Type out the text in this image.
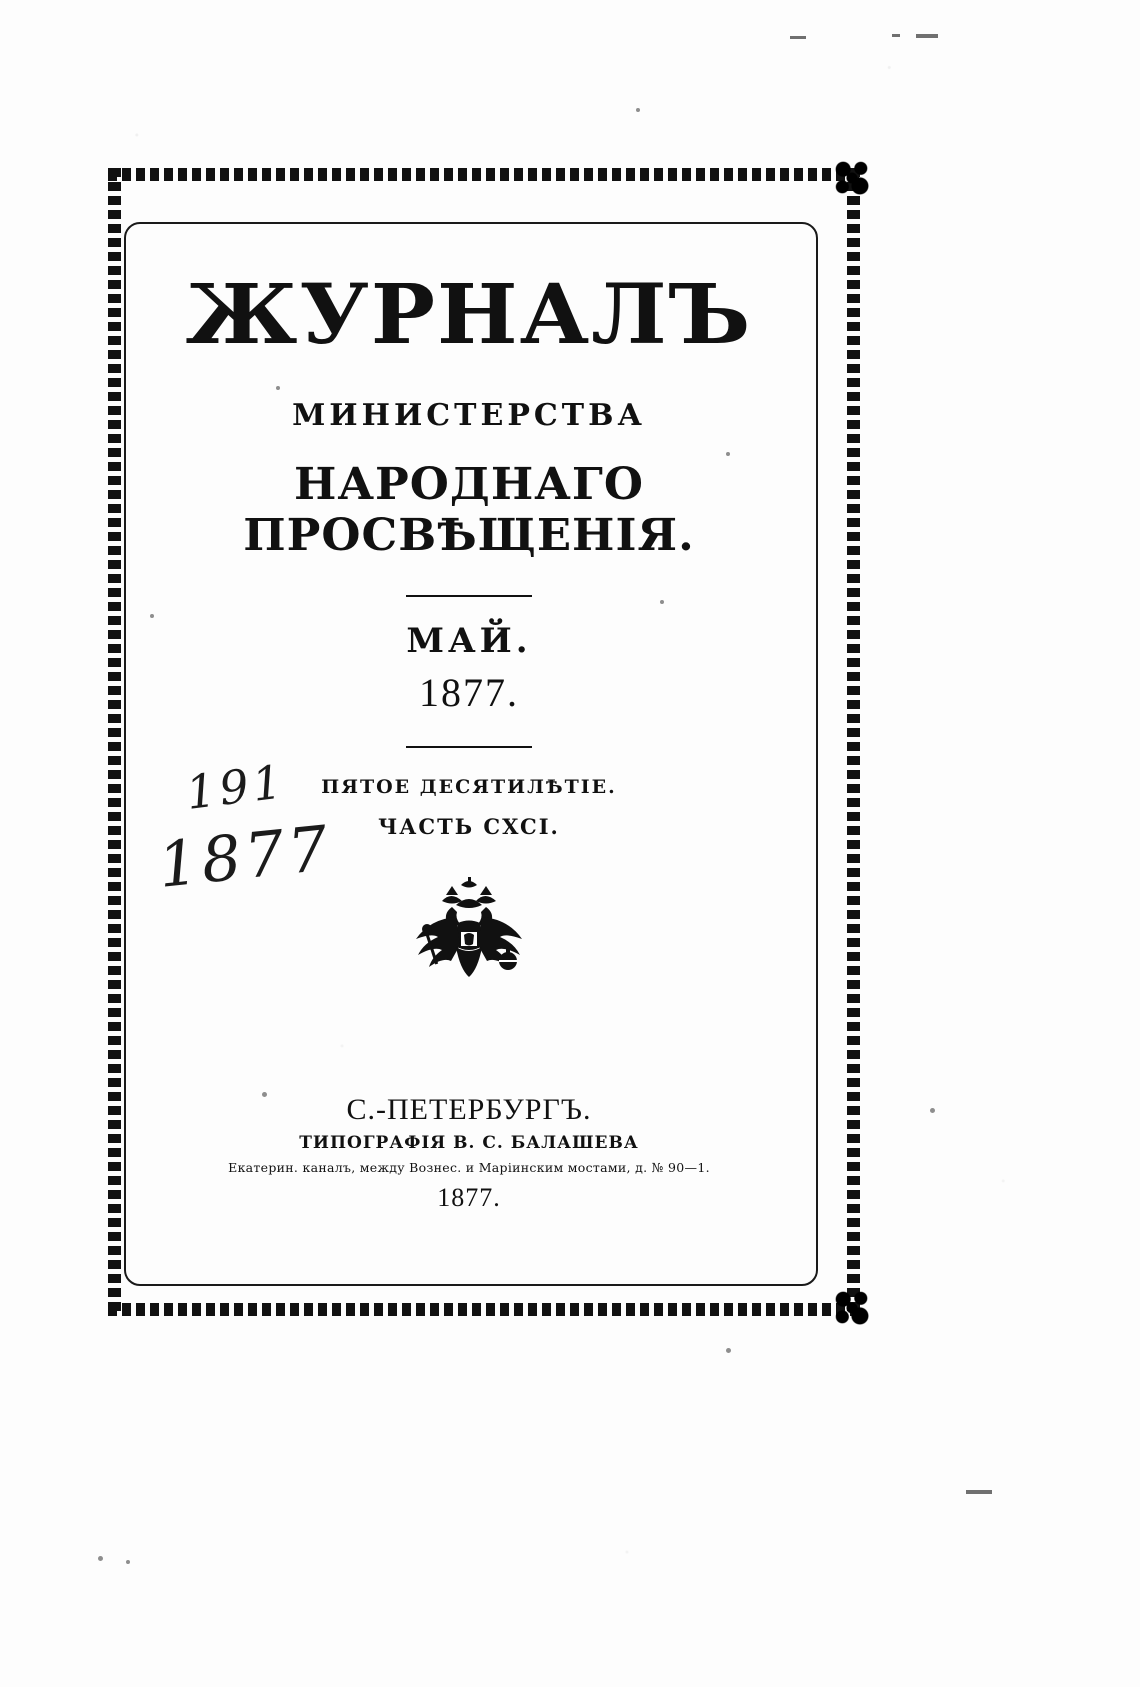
ЖУРНАЛЪ
МИНИСТЕРСТВА
НАРОДНАГО ПРОСВѢЩЕНІЯ.
МАЙ.
1877.
ПЯТОЕ ДЕСЯТИЛѢТІЕ.
ЧАСТЬ CXCI.
С.-ПЕТЕРБУРГЪ.
ТИПОГРАФІЯ В. С. БАЛАШЕВА
Екатерин. каналъ, между Вознес. и Маріинским мостами, д. № 90—1.
1877.
191
1877
